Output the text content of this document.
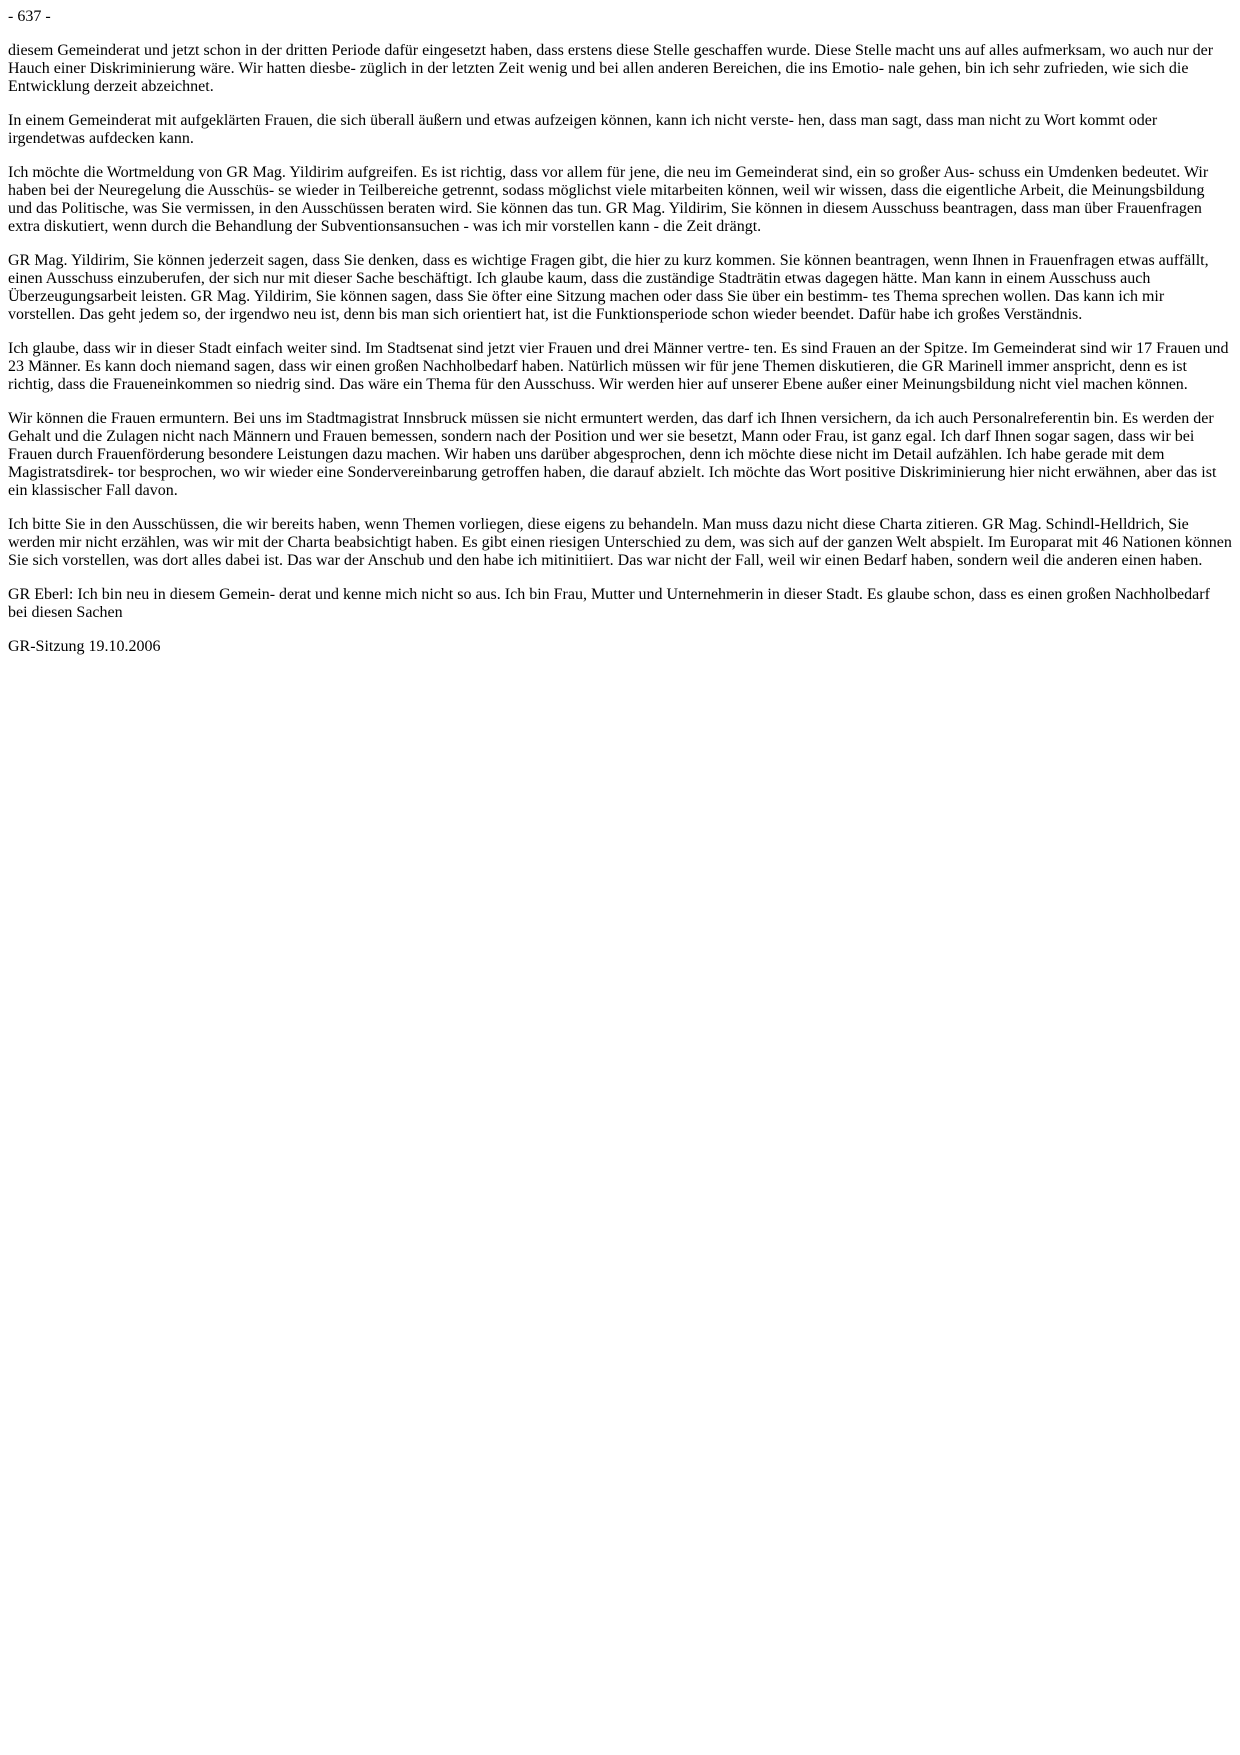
- 637 -

diesem Gemeinderat und jetzt schon in der dritten Periode dafür eingesetzt haben, dass erstens diese Stelle geschaffen wurde. Diese Stelle macht uns auf alles aufmerksam, wo auch nur der Hauch einer Diskriminierung wäre. Wir hatten diesbe- züglich in der letzten Zeit wenig und bei allen anderen Bereichen, die ins Emotio- nale gehen, bin ich sehr zufrieden, wie sich die Entwicklung derzeit abzeichnet.

In einem Gemeinderat mit aufgeklärten Frauen, die sich überall äußern und etwas aufzeigen können, kann ich nicht verste- hen, dass man sagt, dass man nicht zu Wort kommt oder irgendetwas aufdecken kann.

Ich möchte die Wortmeldung von GR Mag. Yildirim aufgreifen. Es ist richtig, dass vor allem für jene, die neu im Gemeinderat sind, ein so großer Aus- schuss ein Umdenken bedeutet. Wir haben bei der Neuregelung die Ausschüs- se wieder in Teilbereiche getrennt, sodass möglichst viele mitarbeiten können, weil wir wissen, dass die eigentliche Arbeit, die Meinungsbildung und das Politische, was Sie vermissen, in den Ausschüssen beraten wird. Sie können das tun. GR Mag. Yildirim, Sie können in diesem Ausschuss beantragen, dass man über Frauenfragen extra diskutiert, wenn durch die Behandlung der Subventionsansuchen - was ich mir vorstellen kann - die Zeit drängt.

GR Mag. Yildirim, Sie können jederzeit sagen, dass Sie denken, dass es wichtige Fragen gibt, die hier zu kurz kommen. Sie können beantragen, wenn Ihnen in Frauenfragen etwas auffällt, einen Ausschuss einzuberufen, der sich nur mit dieser Sache beschäftigt. Ich glaube kaum, dass die zuständige Stadträtin etwas dagegen hätte. Man kann in einem Ausschuss auch Überzeugungsarbeit leisten. GR Mag. Yildirim, Sie können sagen, dass Sie öfter eine Sitzung machen oder dass Sie über ein bestimm- tes Thema sprechen wollen. Das kann ich mir vorstellen. Das geht jedem so, der irgendwo neu ist, denn bis man sich orientiert hat, ist die Funktionsperiode schon wieder beendet. Dafür habe ich großes Verständnis.

Ich glaube, dass wir in dieser Stadt einfach weiter sind. Im Stadtsenat sind jetzt vier Frauen und drei Männer vertre- ten. Es sind Frauen an der Spitze. Im Gemeinderat sind wir 17 Frauen und 23 Männer. Es kann doch niemand sagen, dass wir einen großen Nachholbedarf haben. Natürlich müssen wir für jene Themen diskutieren, die GR Marinell immer anspricht, denn es ist richtig, dass die Fraueneinkommen so niedrig sind. Das wäre ein Thema für den Ausschuss. Wir werden hier auf unserer Ebene außer einer Meinungsbildung nicht viel machen können.

Wir können die Frauen ermuntern. Bei uns im Stadtmagistrat Innsbruck müssen sie nicht ermuntert werden, das darf ich Ihnen versichern, da ich auch Personalreferentin bin. Es werden der Gehalt und die Zulagen nicht nach Männern und Frauen bemessen, sondern nach der Position und wer sie besetzt, Mann oder Frau, ist ganz egal. Ich darf Ihnen sogar sagen, dass wir bei Frauen durch Frauenförderung besondere Leistungen dazu machen. Wir haben uns darüber abgesprochen, denn ich möchte diese nicht im Detail aufzählen. Ich habe gerade mit dem Magistratsdirek- tor besprochen, wo wir wieder eine Sondervereinbarung getroffen haben, die darauf abzielt. Ich möchte das Wort positive Diskriminierung hier nicht erwähnen, aber das ist ein klassischer Fall davon.

Ich bitte Sie in den Ausschüssen, die wir bereits haben, wenn Themen vorliegen, diese eigens zu behandeln. Man muss dazu nicht diese Charta zitieren. GR Mag. Schindl-Helldrich, Sie werden mir nicht erzählen, was wir mit der Charta beabsichtigt haben. Es gibt einen riesigen Unterschied zu dem, was sich auf der ganzen Welt abspielt. Im Europarat mit 46 Nationen können Sie sich vorstellen, was dort alles dabei ist. Das war der Anschub und den habe ich mitinitiiert. Das war nicht der Fall, weil wir einen Bedarf haben, sondern weil die anderen einen haben.

GR Eberl: Ich bin neu in diesem Gemein- derat und kenne mich nicht so aus. Ich bin Frau, Mutter und Unternehmerin in dieser Stadt. Es glaube schon, dass es einen großen Nachholbedarf bei diesen Sachen

GR-Sitzung 19.10.2006
